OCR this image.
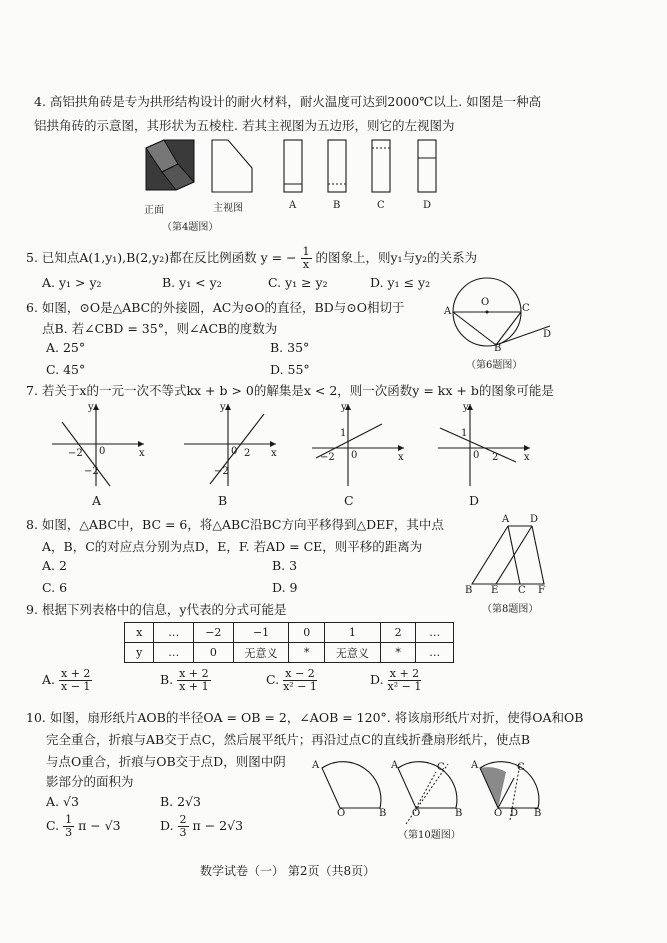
4. 高铝拱角砖是专为拱形结构设计的耐火材料，耐火温度可达到2000℃以上. 如图是一种高
铝拱角砖的示意图，其形状为五棱柱. 若其主视图为五边形，则它的左视图为
正面	主视图	A	B	C	D
（第4题图）
5. 已知点A(1,y₁),B(2,y₂)都在反比例函数 y = − $\frac{1}{x}$ 的图象上，则y₁与y₂的关系为
A. y₁ > y₂	B. y₁ < y₂	C. y₁ ≥ y₂	D. y₁ ≤ y₂
6. 如图，⊙O是△ABC的外接圆，AC为⊙O的直径，BD与⊙O相切于
点B. 若∠CBD = 35°，则∠ACB的度数为
A. 25°	B. 35°
C. 45°	D. 55°
A
O
C
B
D
（第6题图）
7. 若关于x的一元一次不等式kx + b > 0的解集是x < 2，则一次函数y = kx + b的图象可能是
y
x
0
−2
−2
y
x
0 2
−2
y
x
0
−2
1
y
x
0 2
1
A	B	C	D
8. 如图，△ABC中，BC = 6，将△ABC沿BC方向平移得到△DEF，其中点
A，B，C的对应点分别为点D，E，F. 若AD = CE，则平移的距离为
A. 2	B. 3
C. 6	D. 9
A D
B E C F
（第8题图）
9. 根据下列表格中的信息，y代表的分式可能是
x	…	−2	−1	0	1	2	…
y	…	0	无意义	*	无意义	*	…
A. $\frac{x + 2}{x - 1}$	B. $\frac{x + 2}{x + 1}$	C. $\frac{x - 2}{\text{x² − 1}}$	D. $\frac{x + 2}{\text{x² − 1}}$
10. 如图，扇形纸片AOB的半径OA = OB = 2，∠AOB = 120°. 将该扇形纸片对折，使得OA和OB
完全重合，折痕与AB交于点C，然后展平纸片；再沿过点C的直线折叠扇形纸片，使点B
与点O重合，折痕与OB交于点D，则图中阴
影部分的面积为
A. √3	B. 2√3
C. $\frac{1}{3}$ π − √3	D. $\frac{2}{3}$ π − 2√3
A
O	B
A	C
O	B
A	C
O D B
（第10题图）
数学试卷（一） 第2页（共8页）
